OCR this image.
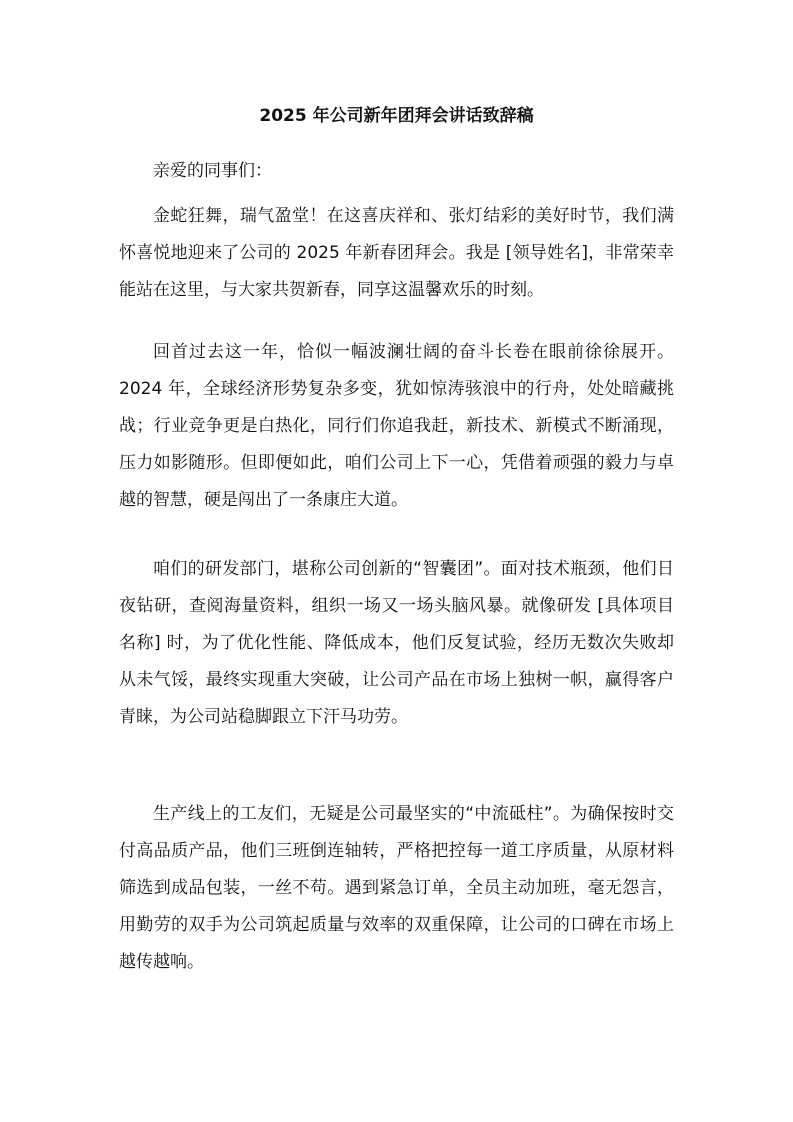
2025 年公司新年团拜会讲话致辞稿

亲爱的同事们：

金蛇狂舞，瑞气盈堂！在这喜庆祥和、张灯结彩的美好时节，我们满怀喜悦地迎来了公司的 2025 年新春团拜会。我是 [领导姓名]，非常荣幸能站在这里，与大家共贺新春，同享这温馨欢乐的时刻。

回首过去这一年，恰似一幅波澜壮阔的奋斗长卷在眼前徐徐展开。2024 年，全球经济形势复杂多变，犹如惊涛骇浪中的行舟，处处暗藏挑战；行业竞争更是白热化，同行们你追我赶，新技术、新模式不断涌现，压力如影随形。但即便如此，咱们公司上下一心，凭借着顽强的毅力与卓越的智慧，硬是闯出了一条康庄大道。

咱们的研发部门，堪称公司创新的“智囊团”。面对技术瓶颈，他们日夜钻研，查阅海量资料，组织一场又一场头脑风暴。就像研发 [具体项目名称] 时，为了优化性能、降低成本，他们反复试验，经历无数次失败却从未气馁，最终实现重大突破，让公司产品在市场上独树一帜，赢得客户青睐，为公司站稳脚跟立下汗马功劳。

生产线上的工友们，无疑是公司最坚实的“中流砥柱”。为确保按时交付高品质产品，他们三班倒连轴转，严格把控每一道工序质量，从原材料筛选到成品包装，一丝不苟。遇到紧急订单，全员主动加班，毫无怨言，用勤劳的双手为公司筑起质量与效率的双重保障，让公司的口碑在市场上越传越响。
